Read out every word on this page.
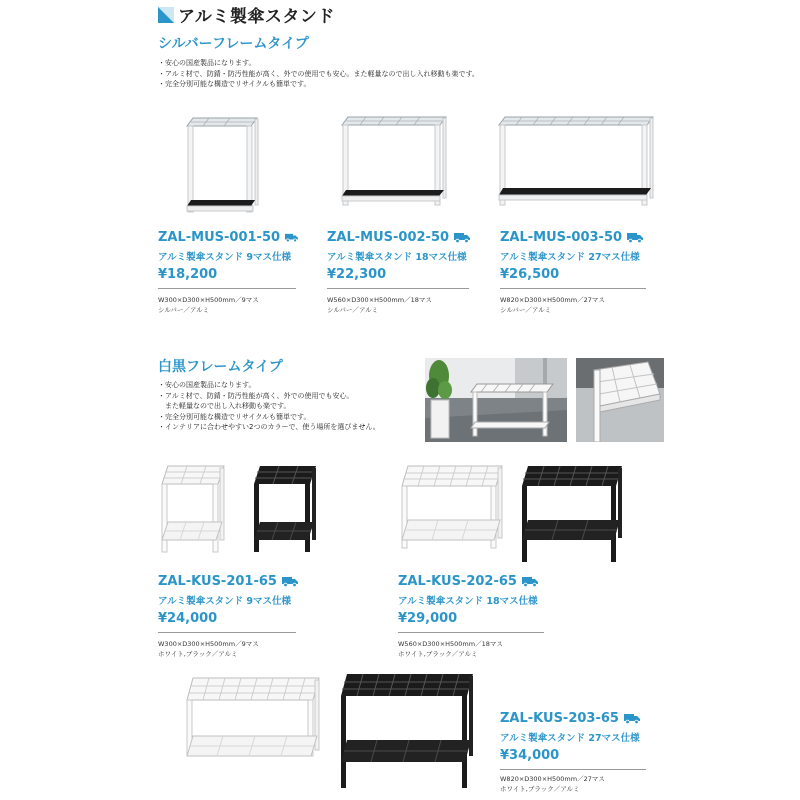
アルミ製傘スタンド
シルバーフレームタイプ
・安心の国産製品になります。
・アルミ材で、防錆・防汚性能が高く、外での使用でも安心。また軽量なので出し入れ移動も楽です。
・完全分別可能な構造でリサイクルも簡単です。
ZAL-MUS-001-50
アルミ製傘スタンド 9マス仕様
¥18,200
W300×D300×H500mm／9マス
シルバー／アルミ
ZAL-MUS-002-50
アルミ製傘スタンド 18マス仕様
¥22,300
W560×D300×H500mm／18マス
シルバー／アルミ
ZAL-MUS-003-50
アルミ製傘スタンド 27マス仕様
¥26,500
W820×D300×H500mm／27マス
シルバー／アルミ
白黒フレームタイプ
・安心の国産製品になります。
・アルミ材で、防錆・防汚性能が高く、外での使用でも安心。
　また軽量なので出し入れ移動も楽です。
・完全分別可能な構造でリサイクルも簡単です。
・インテリアに合わせやすい2つのカラーで、使う場所を選びません。
ZAL-KUS-201-65
アルミ製傘スタンド 9マス仕様
¥24,000
W300×D300×H500mm／9マス
ホワイト,ブラック／アルミ
ZAL-KUS-202-65
アルミ製傘スタンド 18マス仕様
¥29,000
W560×D300×H500mm／18マス
ホワイト,ブラック／アルミ
ZAL-KUS-203-65
アルミ製傘スタンド 27マス仕様
¥34,000
W820×D300×H500mm／27マス
ホワイト,ブラック／アルミ
